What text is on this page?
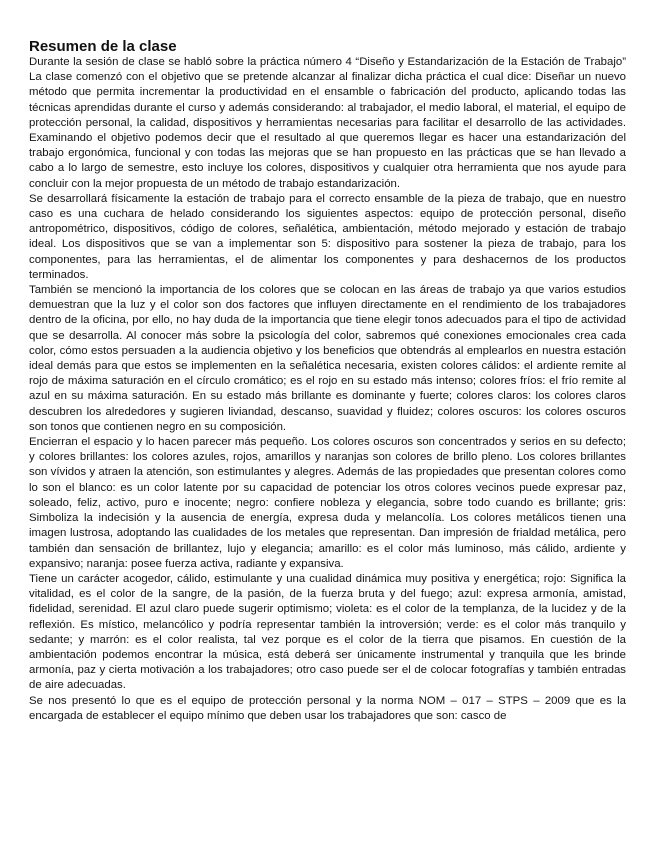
Resumen de la clase

Durante la sesión de clase se habló sobre la práctica número 4 “Diseño y Estandarización de la Estación de Trabajo” La clase comenzó con el objetivo que se pretende alcanzar al finalizar dicha práctica el cual dice: Diseñar un nuevo método que permita incrementar la productividad en el ensamble o fabricación del producto, aplicando todas las técnicas aprendidas durante el curso y además considerando: al trabajador, el medio laboral, el material, el equipo de protección personal, la calidad, dispositivos y herramientas necesarias para facilitar el desarrollo de las actividades. Examinando el objetivo podemos decir que el resultado al que queremos llegar es hacer una estandarización del trabajo ergonómica, funcional y con todas las mejoras que se han propuesto en las prácticas que se han llevado a cabo a lo largo de semestre, esto incluye los colores, dispositivos y cualquier otra herramienta que nos ayude para concluir con la mejor propuesta de un método de trabajo estandarización.

Se desarrollará físicamente la estación de trabajo para el correcto ensamble de la pieza de trabajo, que en nuestro caso es una cuchara de helado considerando los siguientes aspectos: equipo de protección personal, diseño antropométrico, dispositivos, código de colores, señalética, ambientación, método mejorado y estación de trabajo ideal. Los dispositivos que se van a implementar son 5: dispositivo para sostener la pieza de trabajo, para los componentes, para las herramientas, el de alimentar los componentes y para deshacernos de los productos terminados.

También se mencionó la importancia de los colores que se colocan en las áreas de trabajo ya que varios estudios demuestran que la luz y el color son dos factores que influyen directamente en el rendimiento de los trabajadores dentro de la oficina, por ello, no hay duda de la importancia que tiene elegir tonos adecuados para el tipo de actividad que se desarrolla. Al conocer más sobre la psicología del color, sabremos qué conexiones emocionales crea cada color, cómo estos persuaden a la audiencia objetivo y los beneficios que obtendrás al emplearlos en nuestra estación ideal demás para que estos se implementen en la señalética necesaria, existen colores cálidos: el ardiente remite al rojo de máxima saturación en el círculo cromático; es el rojo en su estado más intenso; colores fríos: el frío remite al azul en su máxima saturación. En su estado más brillante es dominante y fuerte; colores claros: los colores claros descubren los alrededores y sugieren liviandad, descanso, suavidad y fluidez; colores oscuros: los colores oscuros son tonos que contienen negro en su composición.

Encierran el espacio y lo hacen parecer más pequeño. Los colores oscuros son concentrados y serios en su defecto; y colores brillantes: los colores azules, rojos, amarillos y naranjas son colores de brillo pleno. Los colores brillantes son vívidos y atraen la atención, son estimulantes y alegres. Además de las propiedades que presentan colores como lo son el blanco: es un color latente por su capacidad de potenciar los otros colores vecinos puede expresar paz, soleado, feliz, activo, puro e inocente; negro: confiere nobleza y elegancia, sobre todo cuando es brillante; gris: Simboliza la indecisión y la ausencia de energía, expresa duda y melancolía. Los colores metálicos tienen una imagen lustrosa, adoptando las cualidades de los metales que representan. Dan impresión de frialdad metálica, pero también dan sensación de brillantez, lujo y elegancia; amarillo: es el color más luminoso, más cálido, ardiente y expansivo; naranja: posee fuerza activa, radiante y expansiva.

Tiene un carácter acogedor, cálido, estimulante y una cualidad dinámica muy positiva y energética; rojo: Significa la vitalidad, es el color de la sangre, de la pasión, de la fuerza bruta y del fuego; azul: expresa armonía, amistad, fidelidad, serenidad. El azul claro puede sugerir optimismo; violeta: es el color de la templanza, de la lucidez y de la reflexión. Es místico, melancólico y podría representar también la introversión; verde: es el color más tranquilo y sedante; y marrón: es el color realista, tal vez porque es el color de la tierra que pisamos. En cuestión de la ambientación podemos encontrar la música, está deberá ser únicamente instrumental y tranquila que les brinde armonía, paz y cierta motivación a los trabajadores; otro caso puede ser el de colocar fotografías y también entradas de aire adecuadas.

Se nos presentó lo que es el equipo de protección personal y la norma NOM – 017 – STPS – 2009 que es la encargada de establecer el equipo mínimo que deben usar los trabajadores que son: casco de
